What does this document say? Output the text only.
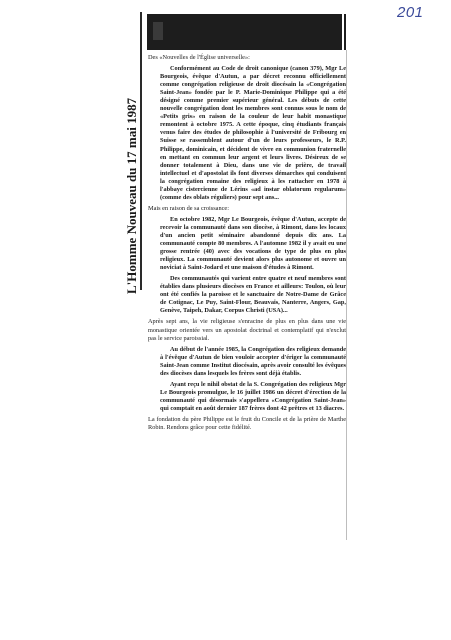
201
L'Homme Nouveau du 17 mai 1987

Des «Nouvelles de l'Église universelle»:

Conformément au Code de droit canonique (canon 379), Mgr Le Bourgeois, évêque d'Autun, a par décret reconnu officiellement comme congrégation religieuse de droit diocésain la «Congrégation Saint-Jean» fondée par le P. Marie-Dominique Philippe qui a été désigné comme premier supérieur général. Les débuts de cette nouvelle congrégation dont les membres sont connus sous le nom de «Petits gris» en raison de la couleur de leur habit monastique remontent à octobre 1975. A cette époque, cinq étudiants français venus faire des études de philosophie à l'université de Fribourg en Suisse se rassemblent autour d'un de leurs professeurs, le R.P. Philippe, dominicain, et décident de vivre en communion fraternelle en mettant en commun leur argent et leurs livres. Désireux de se donner totalement à Dieu, dans une vie de prière, de travail intellectuel et d'apostolat ils font diverses démarches qui conduisent la congrégation romaine des religieux à les rattacher en 1978 à l'abbaye cistercienne de Lérins «ad instar oblatorum regularum» (comme des oblats réguliers) pour sept ans...

Mais en raison de sa croissance:

En octobre 1982, Mgr Le Bourgeois, évêque d'Autun, accepte de recevoir la communauté dans son diocèse, à Rimont, dans les locaux d'un ancien petit séminaire abandonné depuis dix ans. La communauté compte 80 membres. A l'automne 1982 il y avait eu une grosse rentrée (40) avec des vocations de type de plus en plus religieux. La communauté devient alors plus autonome et ouvre un noviciat à Saint-Jodard et une maison d'études à Rimont.

Des communautés qui varient entre quatre et neuf membres sont établies dans plusieurs diocèses en France et ailleurs: Toulon, où leur ont été confiés la paroisse et le sanctuaire de Notre-Dame de Grâce de Cotignac, Le Puy, Saint-Flour, Beauvais, Nanterre, Angers, Gap, Genève, Taipeh, Dakar, Corpus Christi (USA)...

Après sept ans, la vie religieuse s'enracine de plus en plus dans une vie monastique orientée vers un apostolat doctrinal et contemplatif qui n'exclut pas le service paroissial.

Au début de l'année 1985, la Congrégation des religieux demande à l'évêque d'Autun de bien vouloir accepter d'ériger la communauté Saint-Jean comme Institut diocésain, après avoir consulté les évêques des diocèses dans lesquels les frères sont déjà établis.

Ayant reçu le nihil obstat de la S. Congrégation des religieux Mgr Le Bourgeois promulgue, le 16 juillet 1986 un décret d'érection de la communauté qui désormais s'appellera «Congrégation Saint-Jean» qui comptait en août dernier 187 frères dont 42 prêtres et 13 diacres.

La fondation du père Philippe est le fruit du Concile et de la prière de Marthe Robin. Rendons grâce pour cette fidélité.
